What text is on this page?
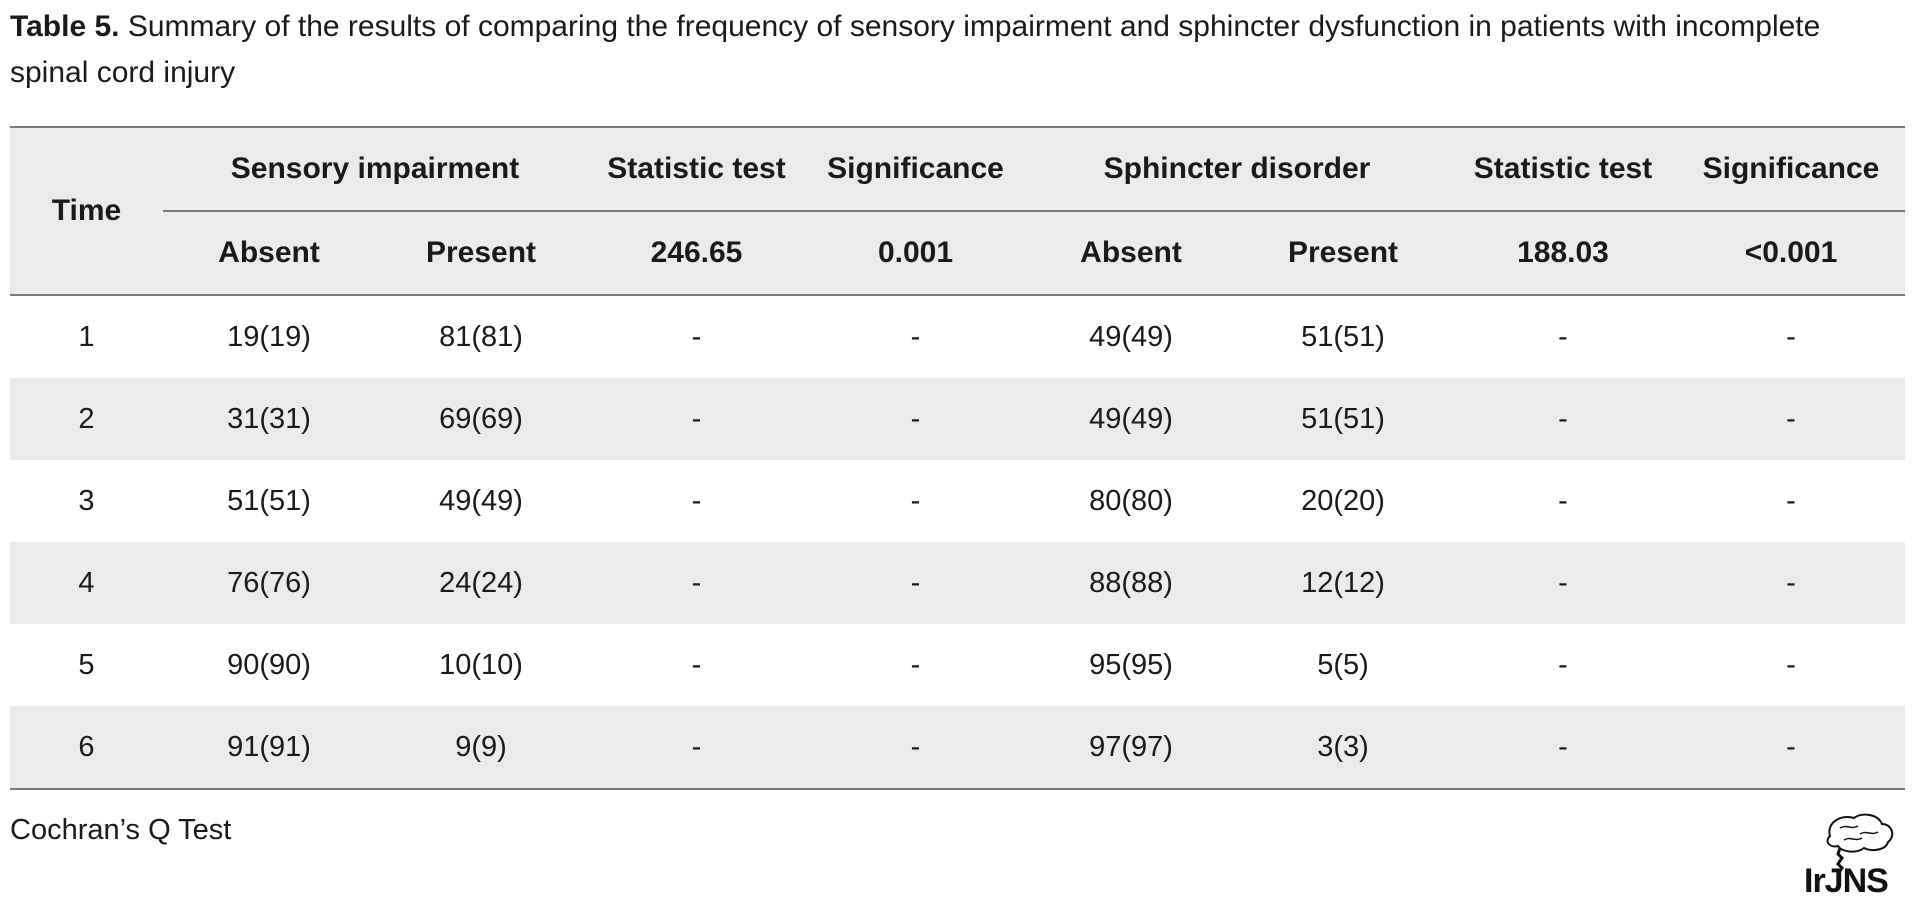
Table 5. Summary of the results of comparing the frequency of sensory impairment and sphincter dysfunction in patients with incomplete spinal cord injury
Time	Sensory impairment		Statistic test	Significance	Sphincter disorder		Statistic test	Significance
	Absent	Present	246.65	0.001	Absent	Present	188.03	<0.001
1	19(19)	81(81)	-	-	49(49)	51(51)	-	-
2	31(31)	69(69)	-	-	49(49)	51(51)	-	-
3	51(51)	49(49)	-	-	80(80)	20(20)	-	-
4	76(76)	24(24)	-	-	88(88)	12(12)	-	-
5	90(90)	10(10)	-	-	95(95)	5(5)	-	-
6	91(91)	9(9)	-	-	97(97)	3(3)	-	-
Cochran’s Q Test
IrJNS
